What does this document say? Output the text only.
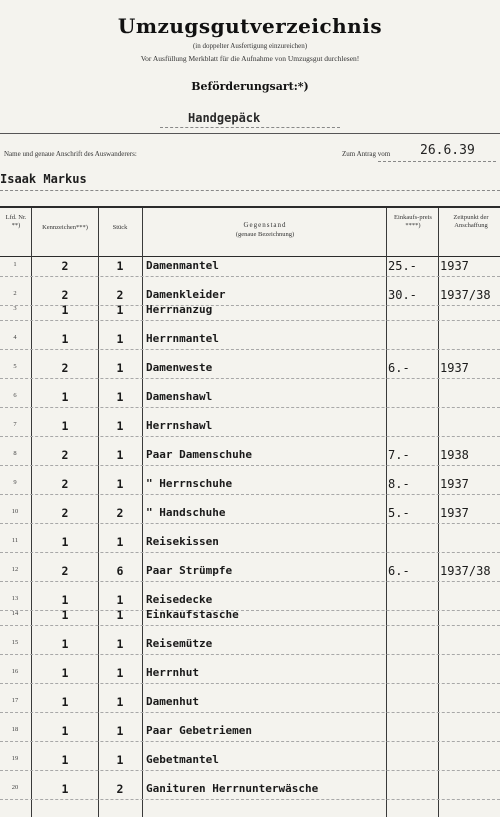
Umzugsgutverzeichnis
(in doppelter Ausfertigung einzureichen)
Vor Ausfüllung Merkblatt für die Aufnahme von Umzugsgut durchlesen!
Beförderungsart:*)
Handgepäck
Name und genaue Anschrift des Auswanderers:	Zum Antrag vom 26.6.39
Isaak Markus
Lfd. Nr. **)	Kennzeichen***)	Stück	Gegenstand
(genaue Bezeichnung)
Einkaufs-preis ****)
Zeitpunkt der Anschaffung
1	2	1	Damenmantel	25.- 1937
2	2	2	Damenkleider	30.- 1937/38
3	1	1	Herrnanzug
4	1	1	Herrnmantel
5	2	1	Damenweste	6.-	1937
6	1	1	Damenshawl
7	1	1	Herrnshawl
8	2	1	Paar Damenschuhe	7.-	1938
9	2	1	" Herrnschuhe	8.-	1937
10	2	2	" Handschuhe	5.-	1937
11	1	1	Reisekissen
12	2	6	Paar Strümpfe	6.-	1937/38
13	1	1	Reisedecke
14	1	1	Einkaufstasche
15	1	1	Reisemütze
16	1	1	Herrnhut
17	1	1	Damenhut
18	1	1	Paar Gebetriemen
19	1	1	Gebetmantel
20	1	2	Ganituren Herrnunterwäsche
